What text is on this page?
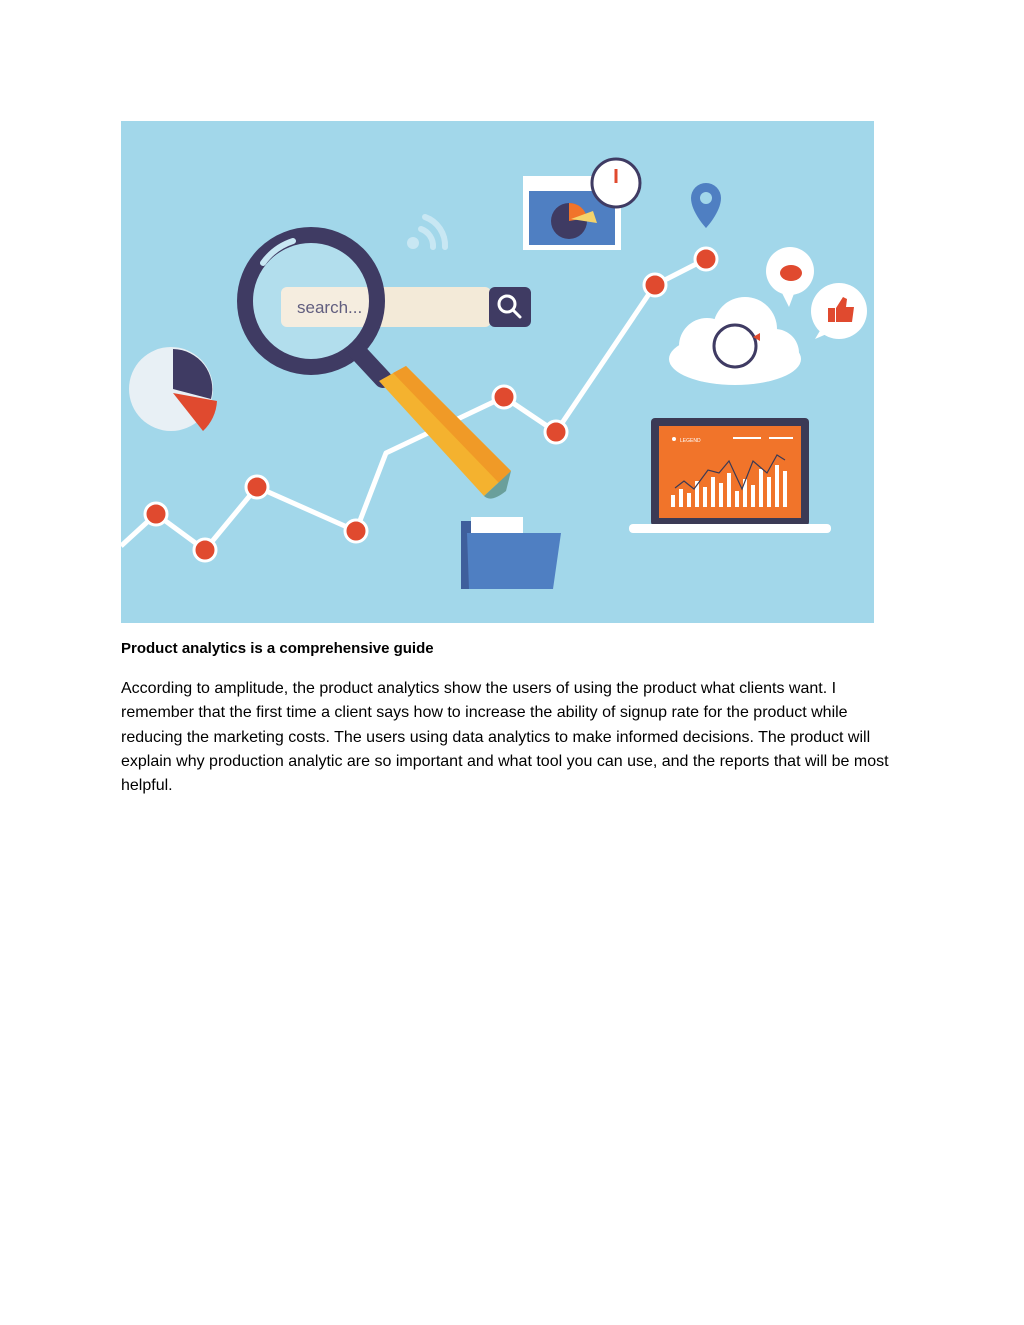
LEGEND
Product analytics is a comprehensive guide
According to amplitude, the product analytics show the users of using the product what clients want. I remember that the first time a client says how to increase the ability of signup rate for the product while reducing the marketing costs. The users using data analytics to make informed decisions. The product will explain why production analytic are so important and what tool you can use, and the reports that will be most helpful.
